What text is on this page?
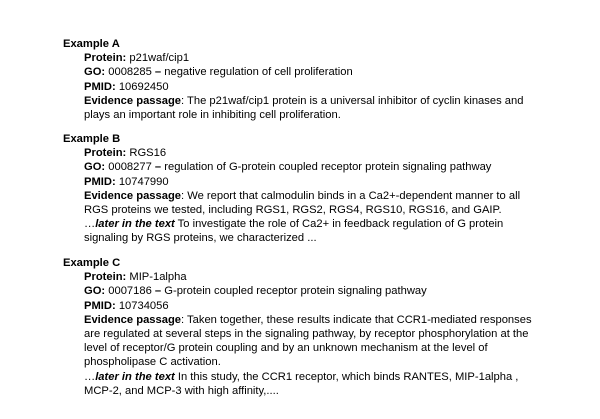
Example A

Protein: p21waf/cip1

GO: 0008285 – negative regulation of cell proliferation

PMID: 10692450

Evidence passage: The p21waf/cip1 protein is a universal inhibitor of cyclin kinases and plays an important role in inhibiting cell proliferation.

Example B

Protein: RGS16

GO: 0008277 – regulation of G-protein coupled receptor protein signaling pathway

PMID: 10747990

Evidence passage: We report that calmodulin binds in a Ca2+-dependent manner to all RGS proteins we tested, including RGS1, RGS2, RGS4, RGS10, RGS16, and GAIP.

…later in the text To investigate the role of Ca2+ in feedback regulation of G protein signaling by RGS proteins, we characterized ...

Example C

Protein: MIP-1alpha

GO: 0007186 – G-protein coupled receptor protein signaling pathway

PMID: 10734056

Evidence passage: Taken together, these results indicate that CCR1-mediated responses are regulated at several steps in the signaling pathway, by receptor phosphorylation at the level of receptor/G protein coupling and by an unknown mechanism at the level of phospholipase C activation.

…later in the text In this study, the CCR1 receptor, which binds RANTES, MIP-1alpha , MCP-2, and MCP-3 with high affinity,....
